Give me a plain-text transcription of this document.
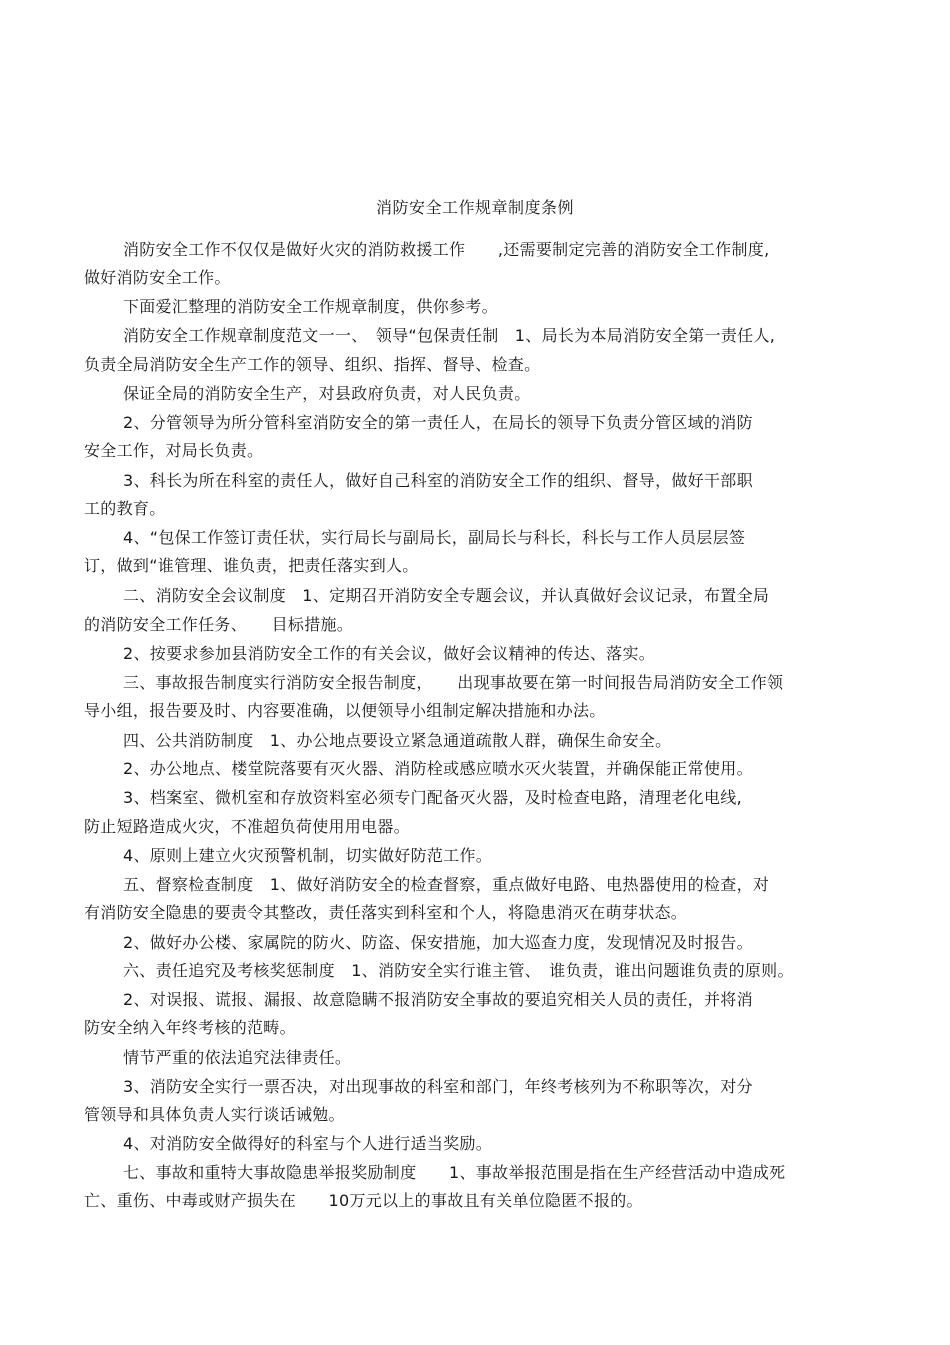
消防安全工作规章制度条例
消防安全工作不仅仅是做好火灾的消防救援工作　　,还需要制定完善的消防安全工作制度,
做好消防安全工作。
下面爱汇整理的消防安全工作规章制度，供你参考。
消防安全工作规章制度范文一一、　领导“包保责任制　1、局长为本局消防安全第一责任人,
负责全局消防安全生产工作的领导、组织、指挥、督导、检查。
保证全局的消防安全生产，对县政府负责，对人民负责。
2、分管领导为所分管科室消防安全的第一责任人，在局长的领导下负责分管区域的消防
安全工作，对局长负责。
3、科长为所在科室的责任人，做好自己科室的消防安全工作的组织、督导，做好干部职
工的教育。
4、“包保工作签订责任状，实行局长与副局长，副局长与科长，科长与工作人员层层签
订，做到“谁管理、谁负责，把责任落实到人。
二、消防安全会议制度　1、定期召开消防安全专题会议，并认真做好会议记录，布置全局
的消防安全工作任务、　　目标措施。
2、按要求参加县消防安全工作的有关会议，做好会议精神的传达、落实。
三、事故报告制度实行消防安全报告制度，　　出现事故要在第一时间报告局消防安全工作领
导小组，报告要及时、内容要准确，以便领导小组制定解决措施和办法。
四、公共消防制度　1、办公地点要设立紧急通道疏散人群，确保生命安全。
2、办公地点、楼堂院落要有灭火器、消防栓或感应喷水灭火装置，并确保能正常使用。
3、档案室、微机室和存放资料室必须专门配备灭火器，及时检查电路，清理老化电线,
防止短路造成火灾，不准超负荷使用用电器。
4、原则上建立火灾预警机制，切实做好防范工作。
五、督察检查制度　1、做好消防安全的检查督察，重点做好电路、电热器使用的检查，对
有消防安全隐患的要责令其整改，责任落实到科室和个人，将隐患消灭在萌芽状态。
2、做好办公楼、家属院的防火、防盗、保安措施，加大巡查力度，发现情况及时报告。
六、责任追究及考核奖惩制度　1、消防安全实行谁主管、　谁负责，谁出问题谁负责的原则。
2、对误报、谎报、漏报、故意隐瞒不报消防安全事故的要追究相关人员的责任，并将消
防安全纳入年终考核的范畴。
情节严重的依法追究法律责任。
3、消防安全实行一票否决，对出现事故的科室和部门，年终考核列为不称职等次，对分
管领导和具体负责人实行谈话诫勉。
4、对消防安全做得好的科室与个人进行适当奖励。
七、事故和重特大事故隐患举报奖励制度　　1、事故举报范围是指在生产经营活动中造成死
亡、重伤、中毒或财产损失在　　10万元以上的事故且有关单位隐匿不报的。
